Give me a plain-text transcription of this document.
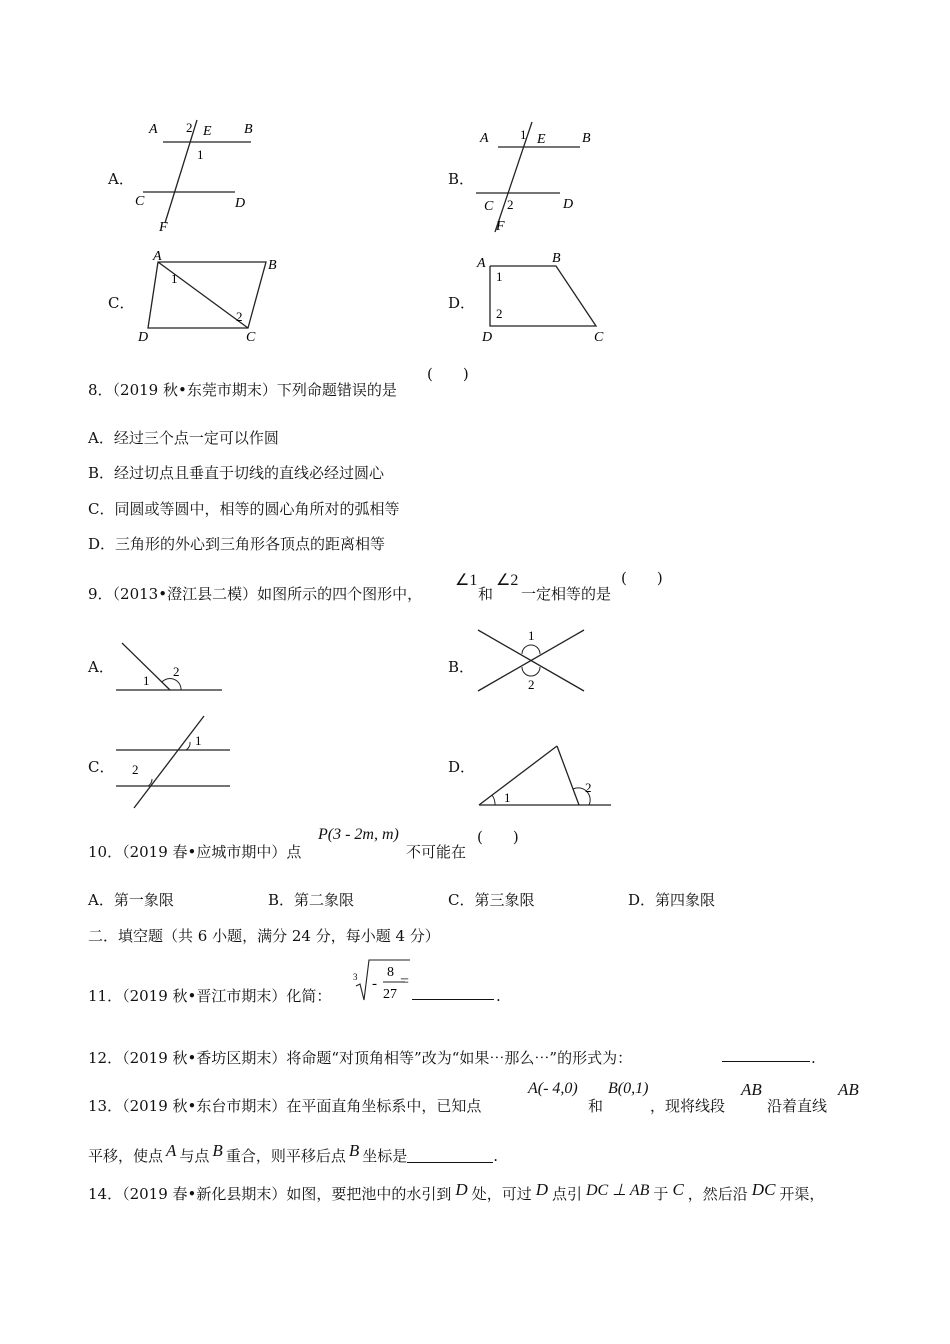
A．
A 2 E B
1
C	D
F
B．
A 1 E	B
C 2	D
F
C．
A
B
1
2
D	C
D．
A	B
1
2
D	C
8．（2019 秋•东莞市期末）下列命题错误的是
(　　)
A．经过三个点一定可以作圆
B．经过切点且垂直于切线的直线必经过圆心
C．同圆或等圆中，相等的圆心角所对的弧相等
D．三角形的外心到三角形各顶点的距离相等
9．（2013•澄江县二模）如图所示的四个图形中，
∠1
和
∠2
一定相等的是
(　　)
A．
1
2	B．
1
2
C．
1
2	D．
1
2
10．（2019 春•应城市期中）点
P(3 - 2m, m)
不可能在
(　　)
A．第一象限	B．第二象限	C．第三象限	D．第四象限
二．填空题（共 6 小题，满分 24 分，每小题 4 分）
11．（2019 秋•晋江市期末）化简：
3 -
8
27
=
.
12．（2019 秋•香坊区期末）将命题“对顶角相等”改为“如果⋯那么⋯”的形式为：	.
13．（2019 秋•东台市期末）在平面直角坐标系中，已知点
A(- 4,0)
和
B(0,1)
，现将线段
AB
沿着直线
AB
平移，使点 A 与点 B 重合，则平移后点 B 坐标是	.
14．（2019 春•新化县期末）如图，要把池中的水引到 D 处，可过 D 点引 DC ⊥ AB 于 C ，然后沿 DC 开渠，
